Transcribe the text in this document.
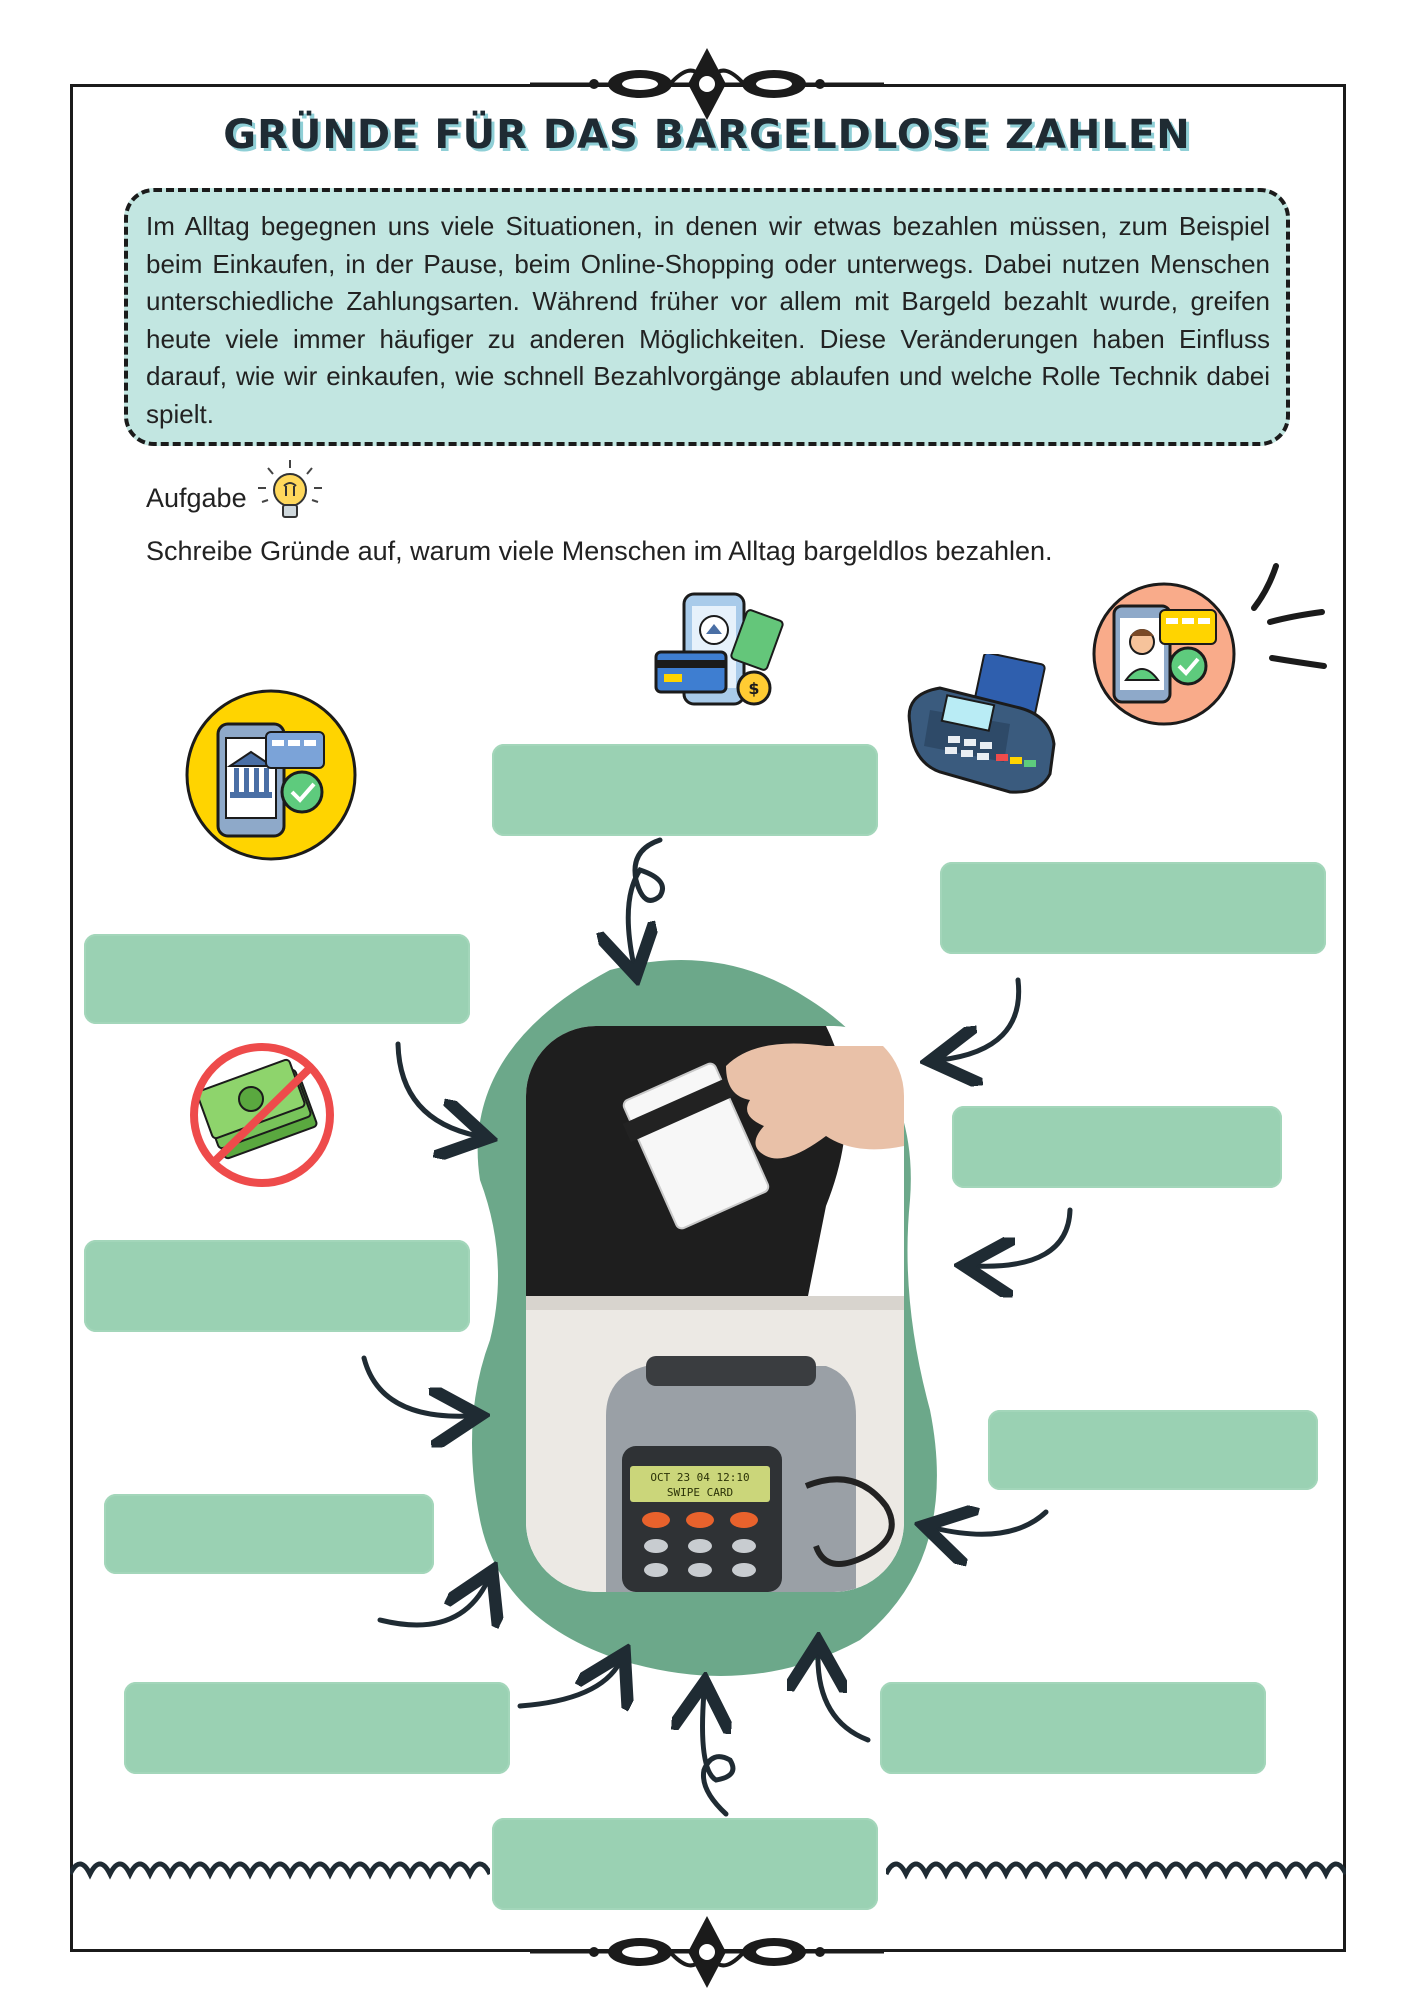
GRÜNDE FÜR DAS BARGELDLOSE ZAHLEN

Im Alltag begegnen uns viele Situationen, in denen wir etwas bezahlen müssen, zum Beispiel beim Einkaufen, in der Pause, beim Online-Shopping oder unterwegs. Dabei nutzen Menschen unterschiedliche Zahlungsarten. Während früher vor allem mit Bargeld bezahlt wurde, greifen heute viele immer häufiger zu anderen Möglichkeiten. Diese Veränderungen haben Einfluss darauf, wie wir einkaufen, wie schnell Bezahlvorgänge ablaufen und welche Rolle Technik dabei spielt.

Aufgabe
Schreibe Gründe auf, warum viele Menschen im Alltag bargeldlos bezahlen.
$
OCT 23 04 12:10
SWIPE CARD
